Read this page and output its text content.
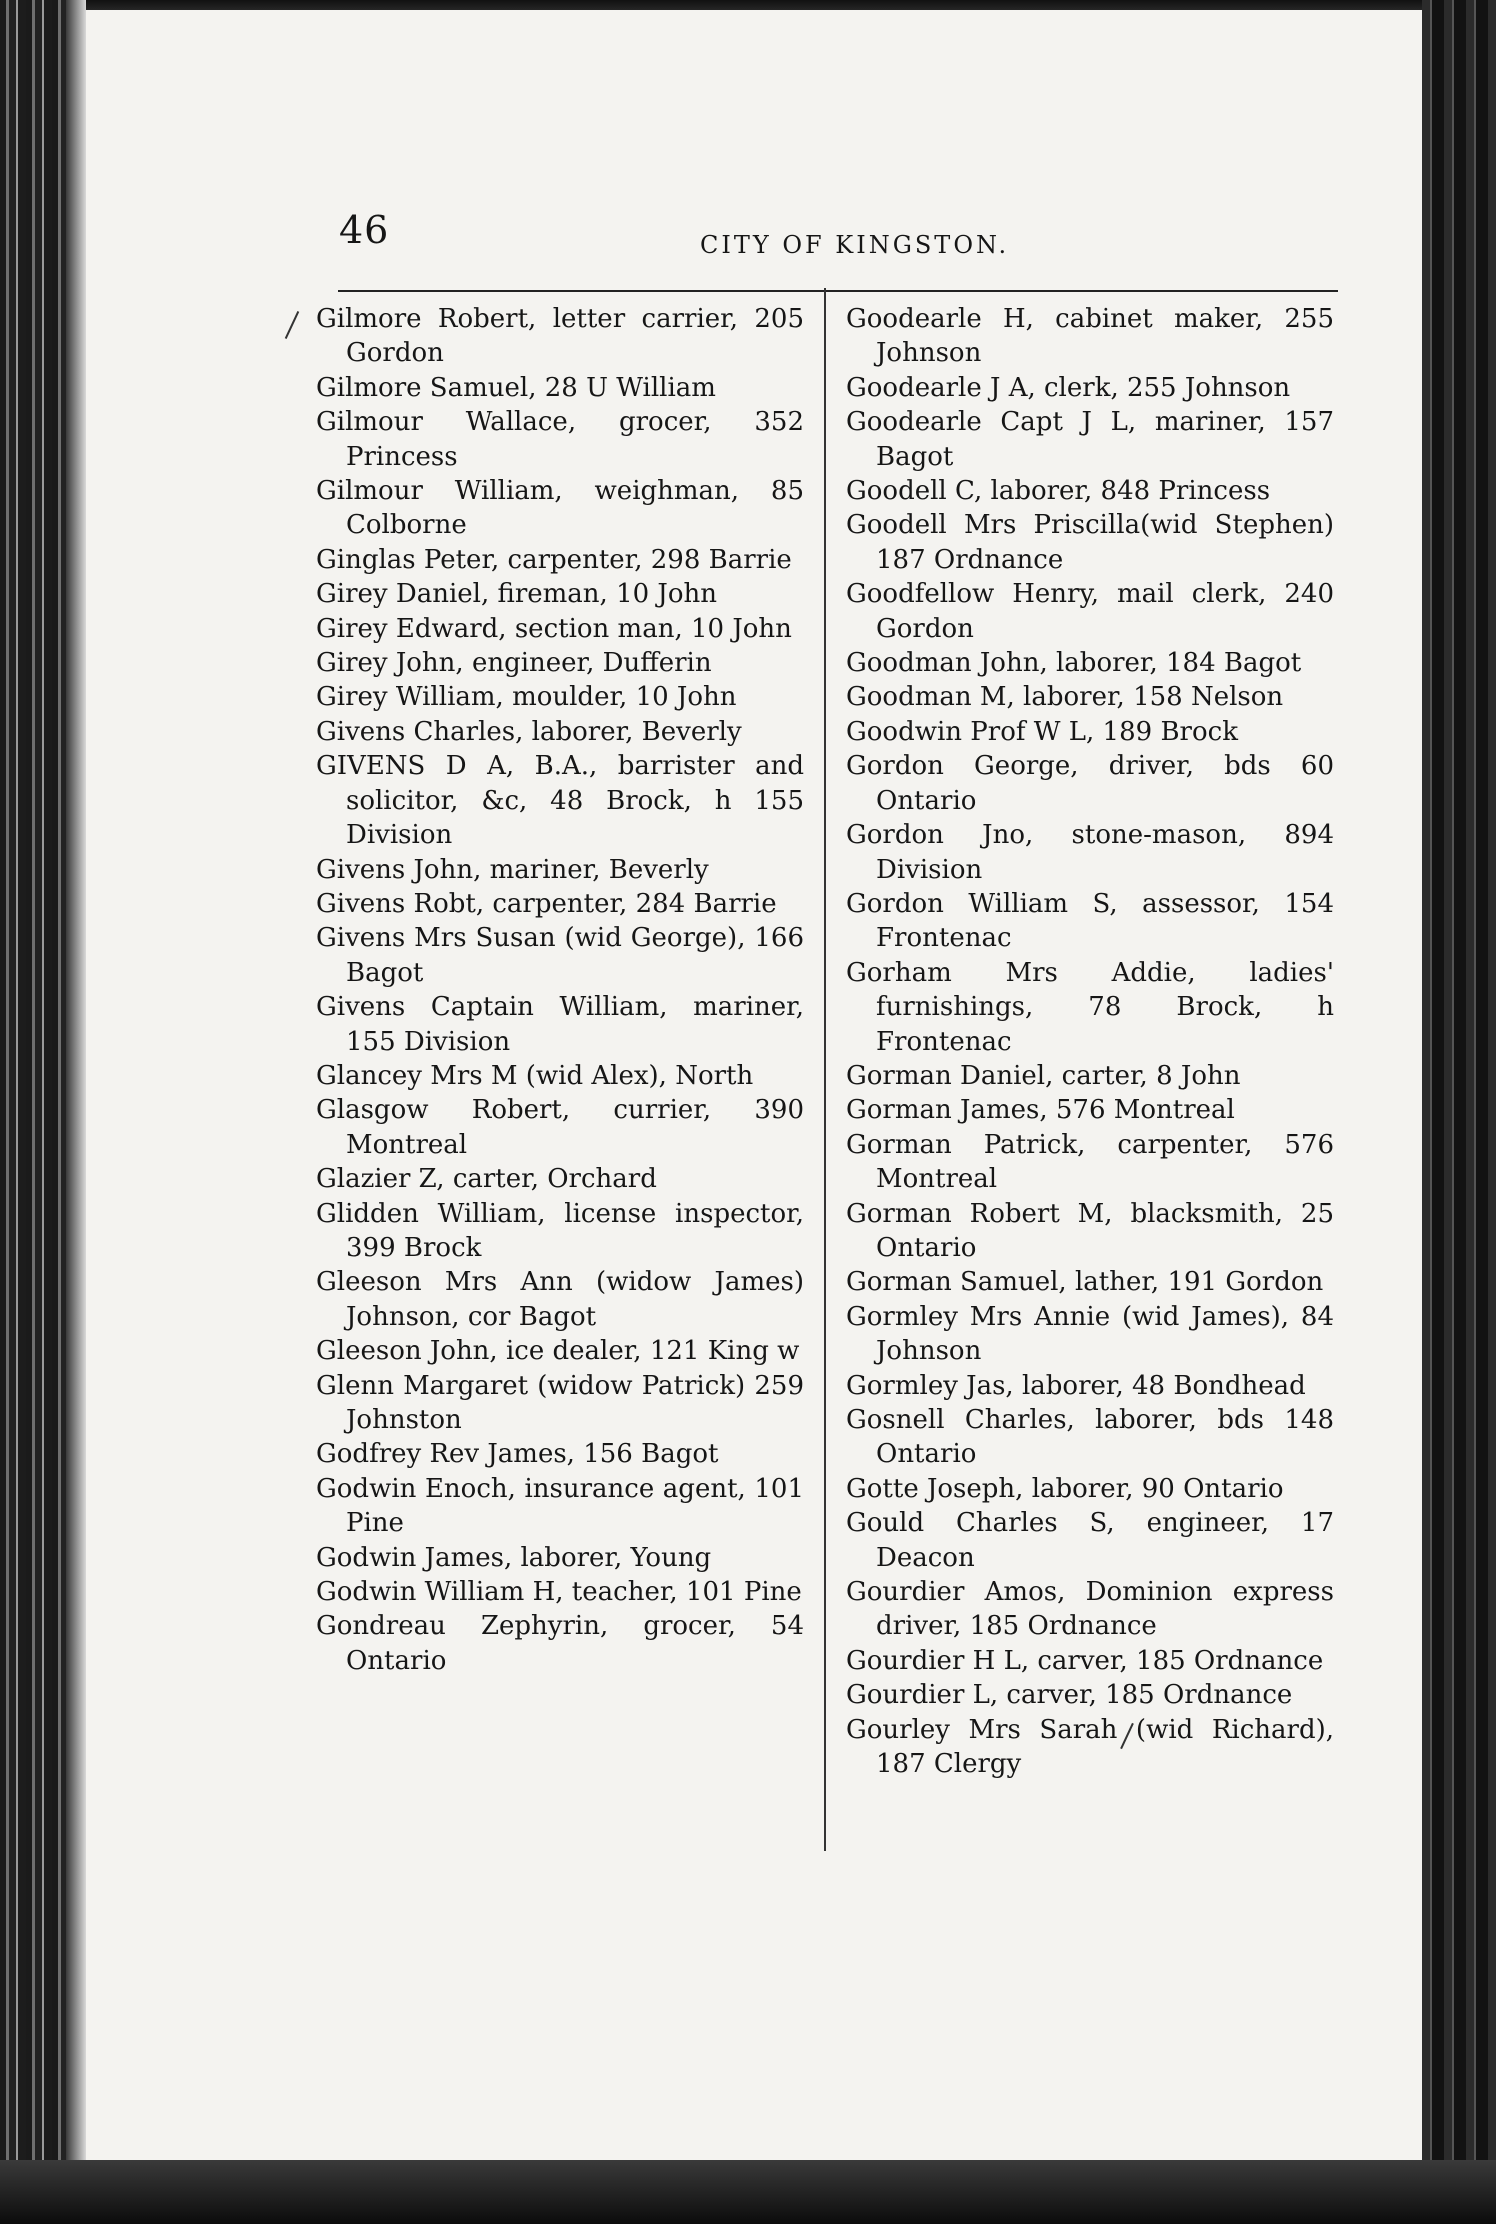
46	CITY OF KINGSTON.

Gilmore Robert, letter carrier, 205 Gordon

Gilmore Samuel, 28 U William

Gilmour Wallace, grocer, 352 Princess

Gilmour William, weighman, 85 Colborne

Ginglas Peter, carpenter, 298 Barrie

Girey Daniel, fireman, 10 John

Girey Edward, section man, 10 John

Girey John, engineer, Dufferin

Girey William, moulder, 10 John

Givens Charles, laborer, Beverly

GIVENS D A, B.A., barrister and solicitor, &c, 48 Brock, h 155 Division

Givens John, mariner, Beverly

Givens Robt, carpenter, 284 Barrie

Givens Mrs Susan (wid George), 166 Bagot

Givens Captain William, mariner, 155 Division

Glancey Mrs M (wid Alex), North

Glasgow Robert, currier, 390 Montreal

Glazier Z, carter, Orchard

Glidden William, license inspector, 399 Brock

Gleeson Mrs Ann (widow James) Johnson, cor Bagot

Gleeson John, ice dealer, 121 King w

Glenn Margaret (widow Patrick) 259 Johnston

Godfrey Rev James, 156 Bagot

Godwin Enoch, insurance agent, 101 Pine

Godwin James, laborer, Young

Godwin William H, teacher, 101 Pine

Gondreau Zephyrin, grocer, 54 Ontario

Goodearle H, cabinet maker, 255 Johnson

Goodearle J A, clerk, 255 Johnson

Goodearle Capt J L, mariner, 157 Bagot

Goodell C, laborer, 848 Princess

Goodell Mrs Priscilla(wid Stephen) 187 Ordnance

Goodfellow Henry, mail clerk, 240 Gordon

Goodman John, laborer, 184 Bagot

Goodman M, laborer, 158 Nelson

Goodwin Prof W L, 189 Brock

Gordon George, driver, bds 60 Ontario

Gordon Jno, stone-mason, 894 Division

Gordon William S, assessor, 154 Frontenac

Gorham Mrs Addie, ladies' furnishings, 78 Brock, h Frontenac

Gorman Daniel, carter, 8 John

Gorman James, 576 Montreal

Gorman Patrick, carpenter, 576 Montreal

Gorman Robert M, blacksmith, 25 Ontario

Gorman Samuel, lather, 191 Gordon

Gormley Mrs Annie (wid James), 84 Johnson

Gormley Jas, laborer, 48 Bondhead

Gosnell Charles, laborer, bds 148 Ontario

Gotte Joseph, laborer, 90 Ontario

Gould Charles S, engineer, 17 Deacon

Gourdier Amos, Dominion express driver, 185 Ordnance

Gourdier H L, carver, 185 Ordnance

Gourdier L, carver, 185 Ordnance

Gourley Mrs Sarah (wid Richard), 187 Clergy
